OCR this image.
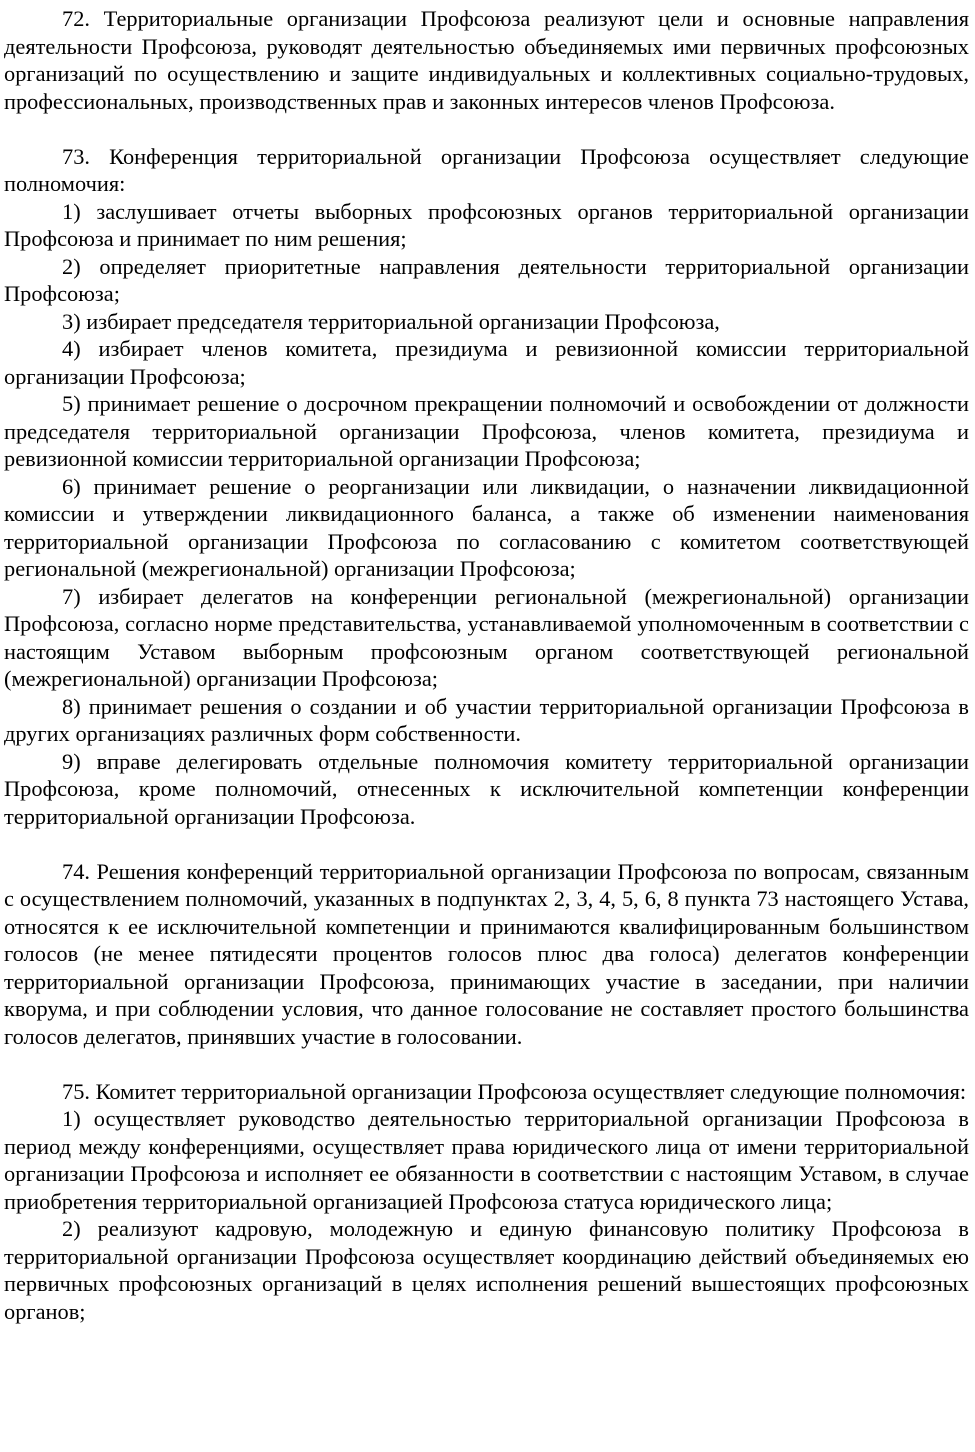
72. Территориальные организации Профсоюза реализуют цели и основные направления деятельности Профсоюза, руководят деятельностью объединяемых ими первичных профсоюзных организаций по осуществлению и защите индивидуальных и коллективных социально-трудовых, профессиональных, производственных прав и законных интересов членов Профсоюза.

73. Конференция территориальной организации Профсоюза осуществляет следующие полномочия:

1) заслушивает отчеты выборных профсоюзных органов территориальной организации Профсоюза и принимает по ним решения;

2) определяет приоритетные направления деятельности территориальной организации Профсоюза;

3) избирает председателя территориальной организации Профсоюза,

4) избирает членов комитета, президиума и ревизионной комиссии территориальной организации Профсоюза;

5) принимает решение о досрочном прекращении полномочий и освобождении от должности председателя территориальной организации Профсоюза, членов комитета, президиума и ревизионной комиссии территориальной организации Профсоюза;

6) принимает решение о реорганизации или ликвидации, о назначении ликвидационной комиссии и утверждении ликвидационного баланса, а также об изменении наименования территориальной организации Профсоюза по согласованию с комитетом соответствующей региональной (межрегиональной) организации Профсоюза;

7) избирает делегатов на конференции региональной (межрегиональной) организации Профсоюза, согласно норме представительства, устанавливаемой уполномоченным в соответствии с настоящим Уставом выборным профсоюзным органом соответствующей региональной (межрегиональной) организации Профсоюза;

8) принимает решения о создании и об участии территориальной организации Профсоюза в других организациях различных форм собственности.

9) вправе делегировать отдельные полномочия комитету территориальной организации Профсоюза, кроме полномочий, отнесенных к исключительной компетенции конференции территориальной организации Профсоюза.

74. Решения конференций территориальной организации Профсоюза по вопросам, связанным с осуществлением полномочий, указанных в подпунктах 2, 3, 4, 5, 6, 8 пункта 73 настоящего Устава, относятся к ее исключительной компетенции и принимаются квалифицированным большинством голосов (не менее пятидесяти процентов голосов плюс два голоса) делегатов конференции территориальной организации Профсоюза, принимающих участие в заседании, при наличии кворума, и при соблюдении условия, что данное голосование не составляет простого большинства голосов делегатов, принявших участие в голосовании.

75. Комитет территориальной организации Профсоюза осуществляет следующие полномочия:

1) осуществляет руководство деятельностью территориальной организации Профсоюза в период между конференциями, осуществляет права юридического лица от имени территориальной организации Профсоюза и исполняет ее обязанности в соответствии с настоящим Уставом, в случае приобретения территориальной организацией Профсоюза статуса юридического лица;

2) реализуют кадровую, молодежную и единую финансовую политику Профсоюза в территориальной организации Профсоюза осуществляет координацию действий объединяемых ею первичных профсоюзных организаций в целях исполнения решений вышестоящих профсоюзных органов;
